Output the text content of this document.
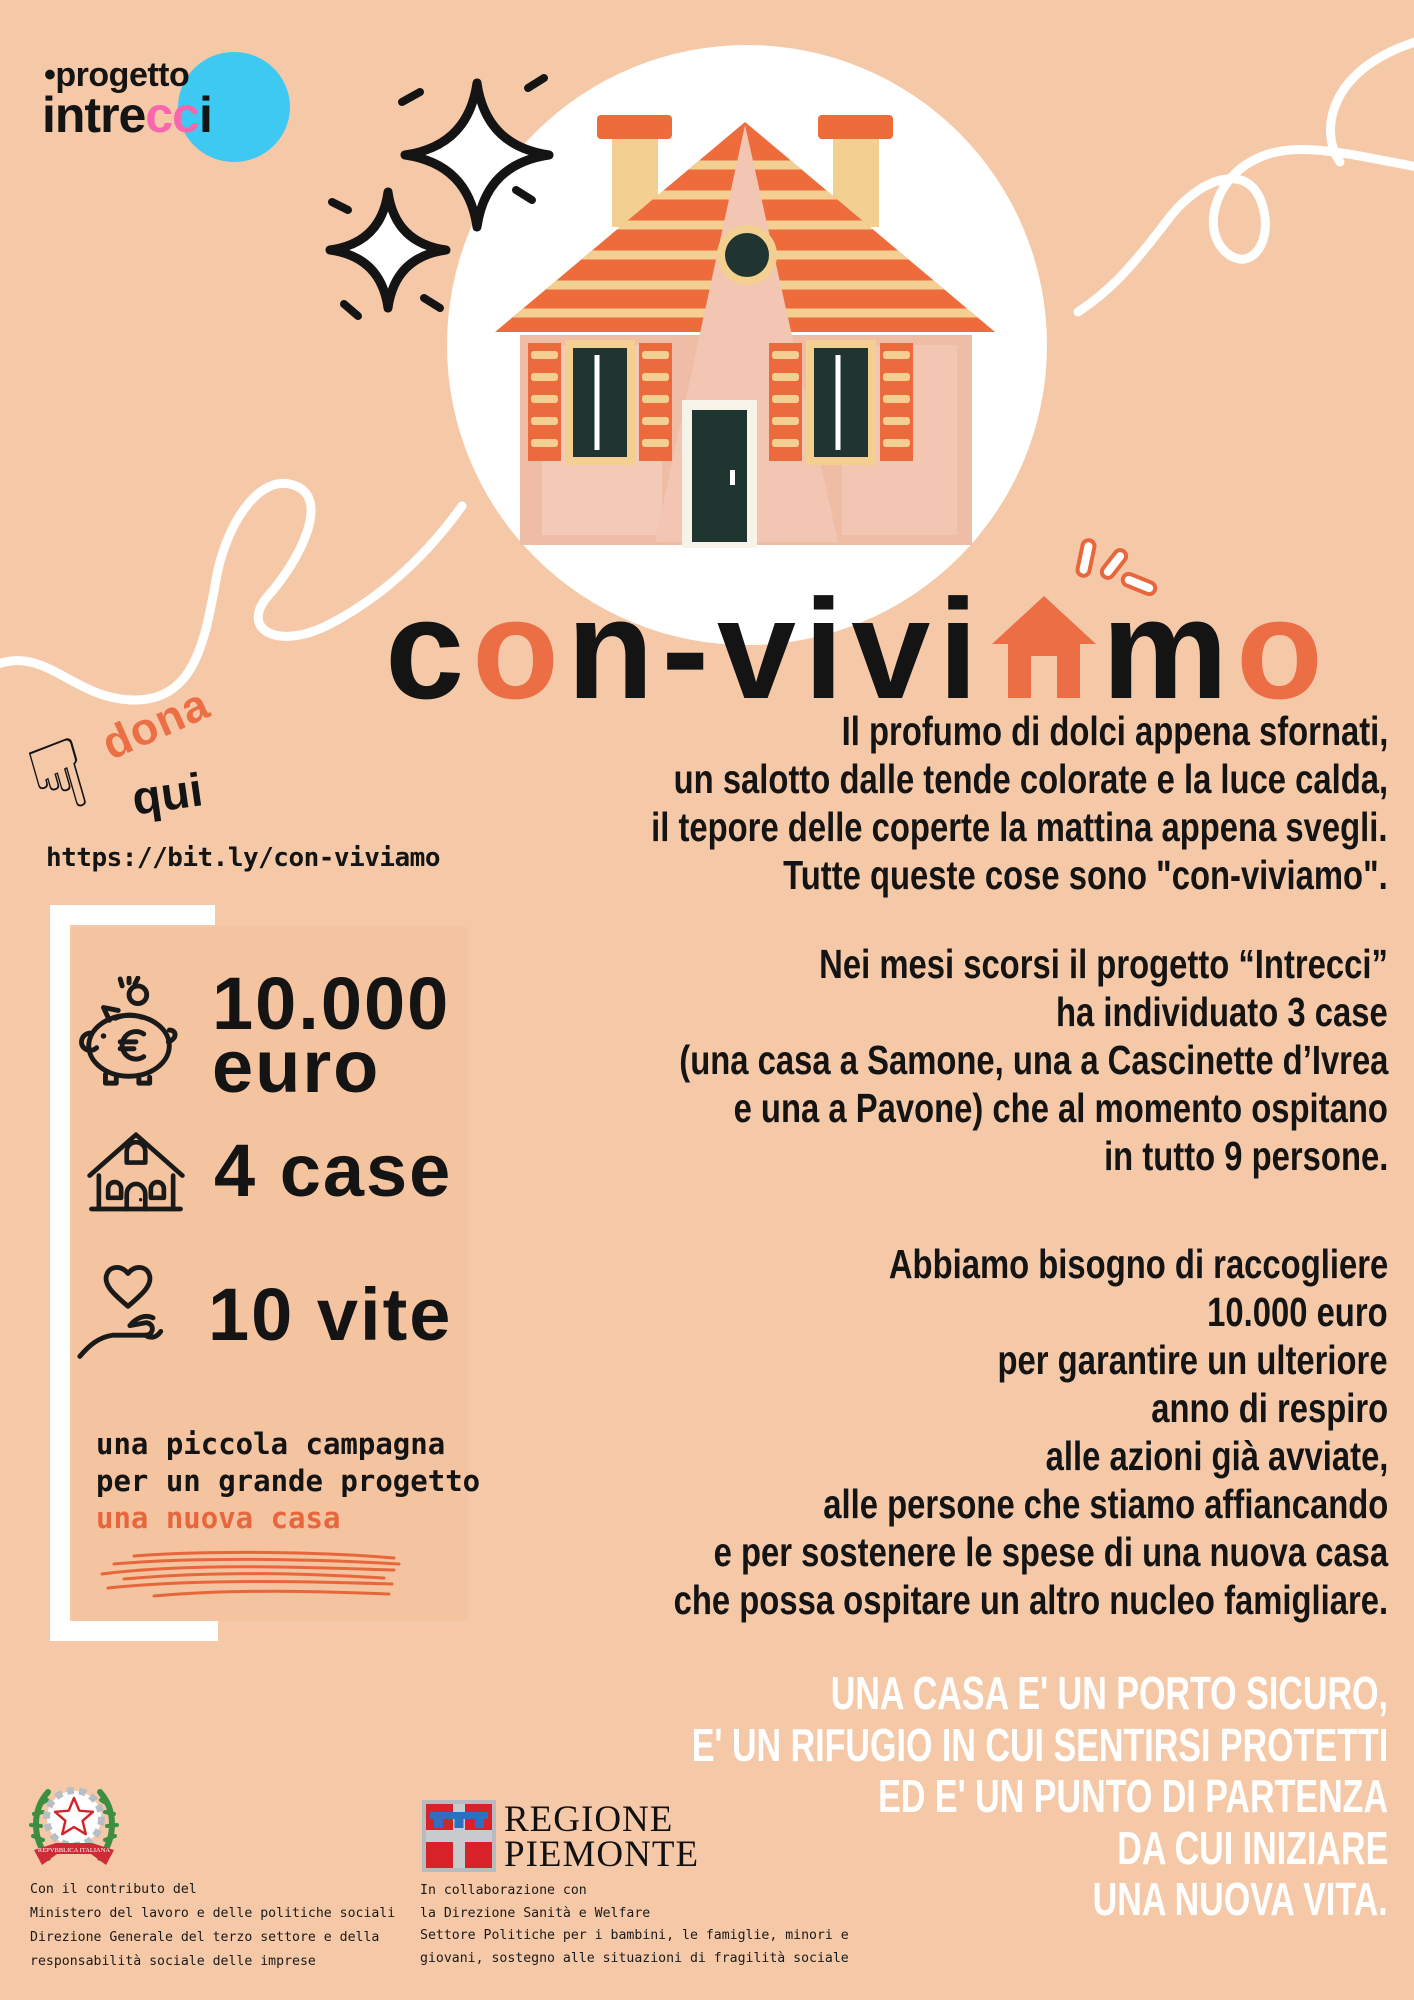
•progetto
intrecci
c o n-vivi m o
☟
dona
qui
https://bit.ly/con-viviamo
10.000
euro
4 case
10 vite
una piccola campagna
per un grande progetto
una nuova casa
Il profumo di dolci appena sfornati,
un salotto dalle tende colorate e la luce calda,
il tepore delle coperte la mattina appena svegli.
Tutte queste cose sono "con-viviamo".
Nei mesi scorsi il progetto “Intrecci”
ha individuato 3 case
(una casa a Samone, una a Cascinette d’Ivrea
e una a Pavone) che al momento ospitano
in tutto 9 persone.
Abbiamo bisogno di raccogliere
10.000 euro
per garantire un ulteriore
anno di respiro
alle azioni già avviate,
alle persone che stiamo affiancando
e per sostenere le spese di una nuova casa
che possa ospitare un altro nucleo famigliare.
UNA CASA E' UN PORTO SICURO,
E' UN RIFUGIO IN CUI SENTIRSI PROTETTI
ED E' UN PUNTO DI PARTENZA
DA CUI INIZIARE
UNA NUOVA VITA.
REPVBBLICA ITALIANA
Con il contributo del
Ministero del lavoro e delle politiche sociali
Direzione Generale del terzo settore e della
responsabilità sociale delle imprese
REGIONE
PIEMONTE
In collaborazione con
la Direzione Sanità e Welfare
Settore Politiche per i bambini, le famiglie, minori e
giovani, sostegno alle situazioni di fragilità sociale
